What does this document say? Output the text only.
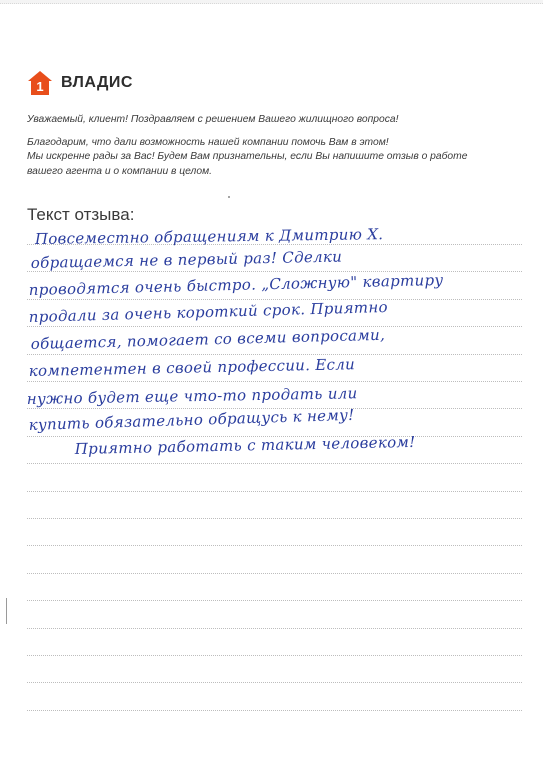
1 ВЛАДИС

Уважаемый, клиент! Поздравляем с решением Вашего жилищного вопроса!

Благодарим, что дали возможность нашей компании помочь Вам в этом!

Мы искренне рады за Вас! Будем Вам признательны, если Вы напишите отзыв о работе

вашего агента и о компании в целом.

Текст отзыва:
Повсеместно обращениям к Дмитрию Х.
обращаемся не в первый раз! Сделки
проводятся очень быстро. „Сложную" квартиру
продали за очень короткий срок. Приятно
общается, помогает со всеми вопросами,
компетентен в своей профессии. Если
нужно будет еще что-то продать или
купить обязательно обращусь к нему!
Приятно работать с таким человеком!
